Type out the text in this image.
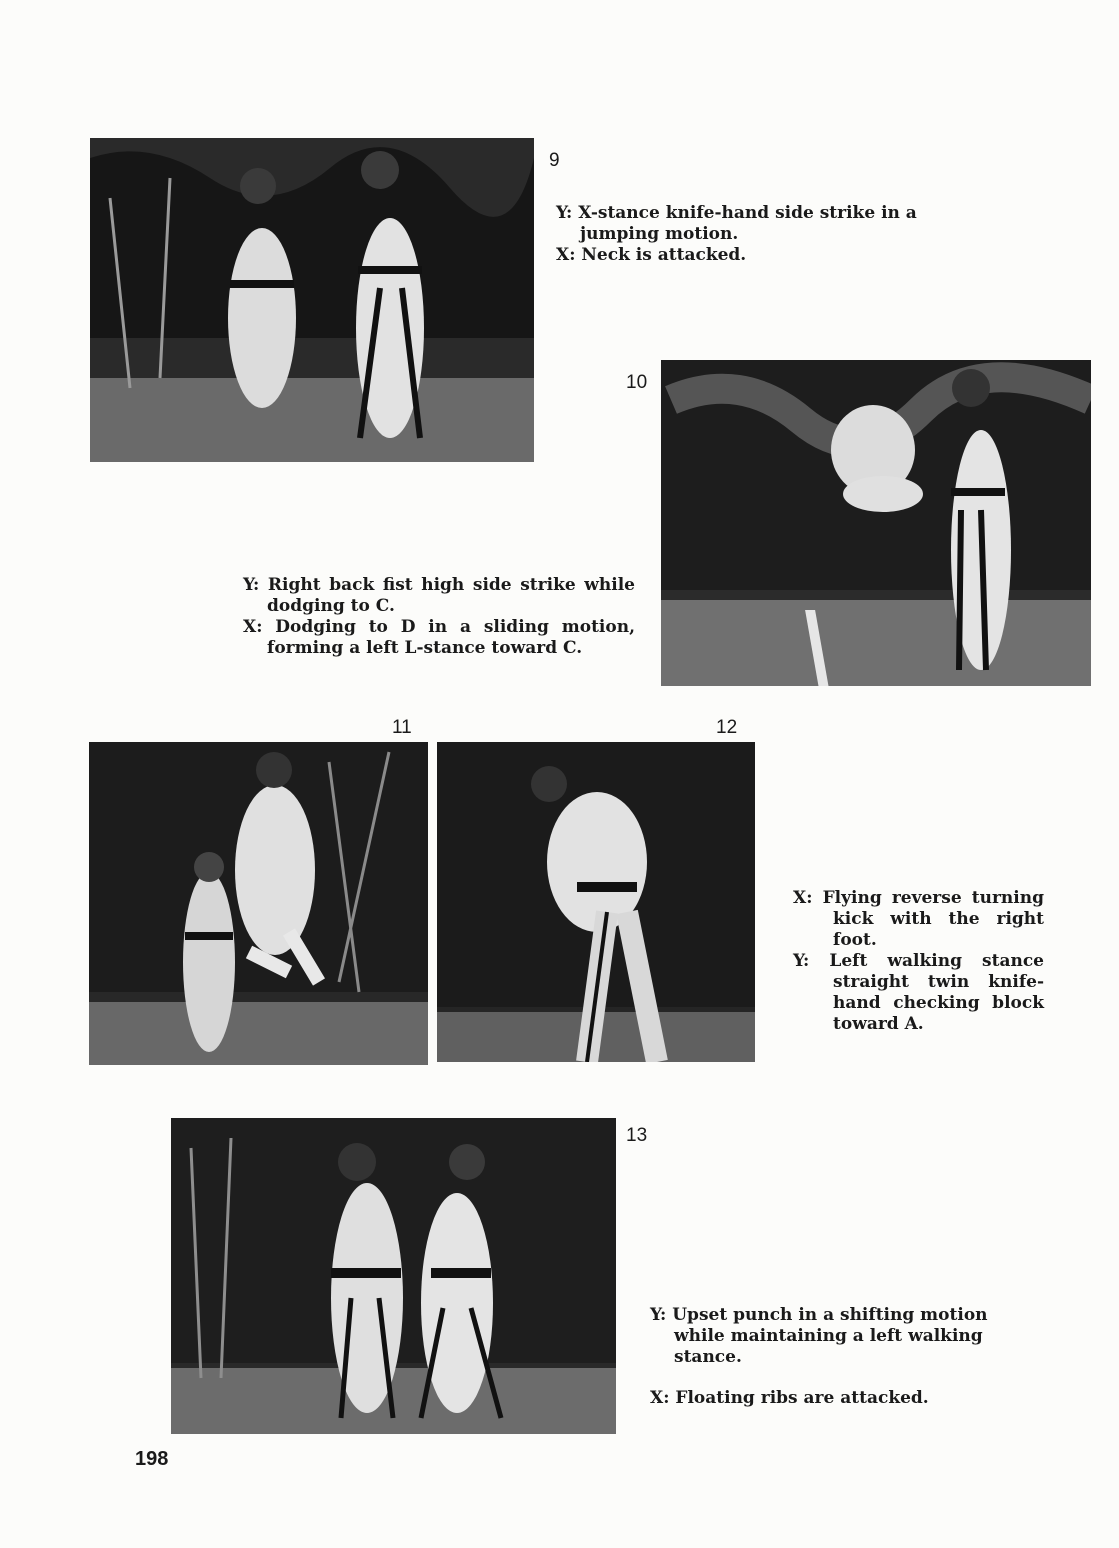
9

Y: X-stance knife-hand side strike in a jumping motion.

X: Neck is attacked.

10

Y: Right back fist high side strike while dodging to C.

X: Dodging to D in a sliding motion, forming a left L-stance toward C.

11	12

X: Flying reverse turning kick with the right foot.

Y: Left walking stance straight twin knife-hand checking block toward A.

13

Y: Upset punch in a shifting motion while maintaining a left walking stance.

X: Floating ribs are attacked.

198
